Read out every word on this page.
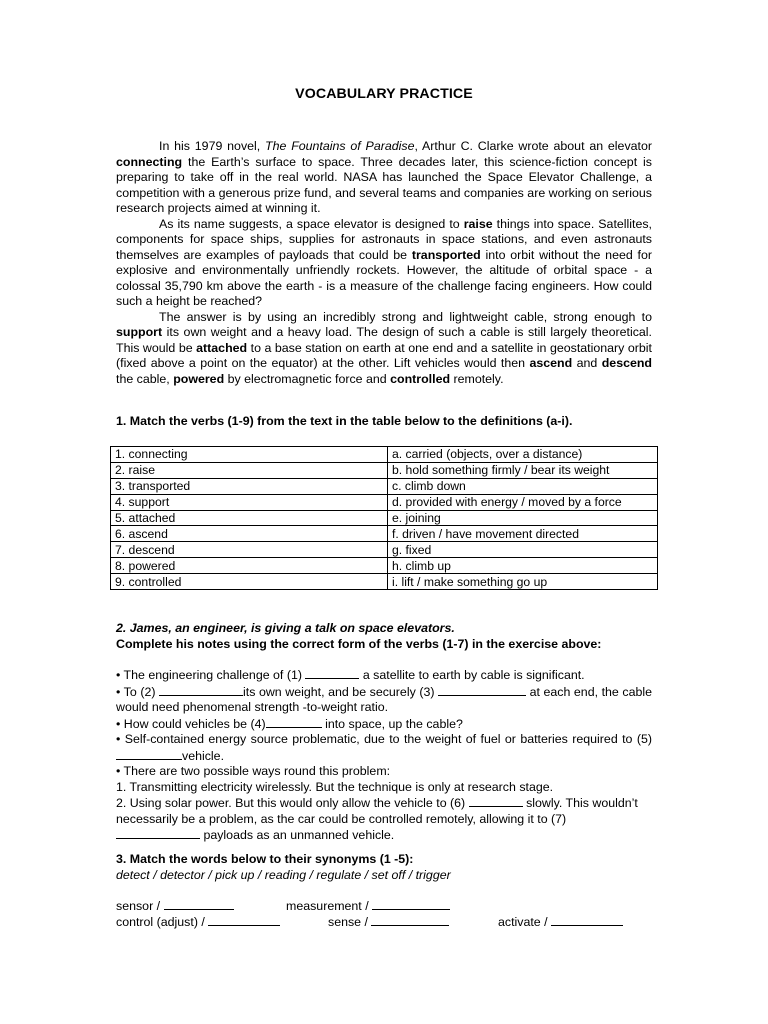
VOCABULARY PRACTICE

In his 1979 novel, The Fountains of Paradise, Arthur C. Clarke wrote about an elevator connecting the Earth’s surface to space. Three decades later, this science-fiction concept is preparing to take off in the real world. NASA has launched the Space Elevator Challenge, a competition with a generous prize fund, and several teams and companies are working on serious research projects aimed at winning it.

As its name suggests, a space elevator is designed to raise things into space. Satellites, components for space ships, supplies for astronauts in space stations, and even astronauts themselves are examples of payloads that could be transported into orbit without the need for explosive and environmentally unfriendly rockets. However, the altitude of orbital space - a colossal 35,790 km above the earth - is a measure of the challenge facing engineers. How could such a height be reached?

The answer is by using an incredibly strong and lightweight cable, strong enough to support its own weight and a heavy load. The design of such a cable is still largely theoretical. This would be attached to a base station on earth at one end and a satellite in geostationary orbit (fixed above a point on the equator) at the other. Lift vehicles would then ascend and descend the cable, powered by electromagnetic force and controlled remotely.

1. Match the verbs (1-9) from the text in the table below to the definitions (a-i).
1. connecting	a. carried (objects, over a distance)
2. raise	b. hold something firmly / bear its weight
3. transported	c. climb down
4. support	d. provided with energy / moved by a force
5. attached	e. joining
6. ascend	f. driven / have movement directed
7. descend	g. fixed
8. powered	h. climb up
9. controlled	i. lift / make something go up
2. James, an engineer, is giving a talk on space elevators.
Complete his notes using the correct form of the verbs (1-7) in the exercise above:
• The engineering challenge of (1)	a satellite to earth by cable is significant.
• To (2)	its own weight, and be securely (3)	at each end, the cable would need phenomenal strength -to-weight ratio.
• How could vehicles be (4)	into space, up the cable?
• Self-contained energy source problematic, due to the weight of fuel or batteries required to (5) vehicle.
• There are two possible ways round this problem:
1. Transmitting electricity wirelessly. But the technique is only at research stage.
2. Using solar power. But this would only allow the vehicle to (6)	slowly. This wouldn’t necessarily be a problem, as the car could be controlled remotely, allowing it to (7)
payloads as an unmanned vehicle.
3. Match the words below to their synonyms (1 -5):
detect / detector / pick up / reading / regulate / set off / trigger
sensor /	measurement /
control (adjust) /	sense /	activate /
